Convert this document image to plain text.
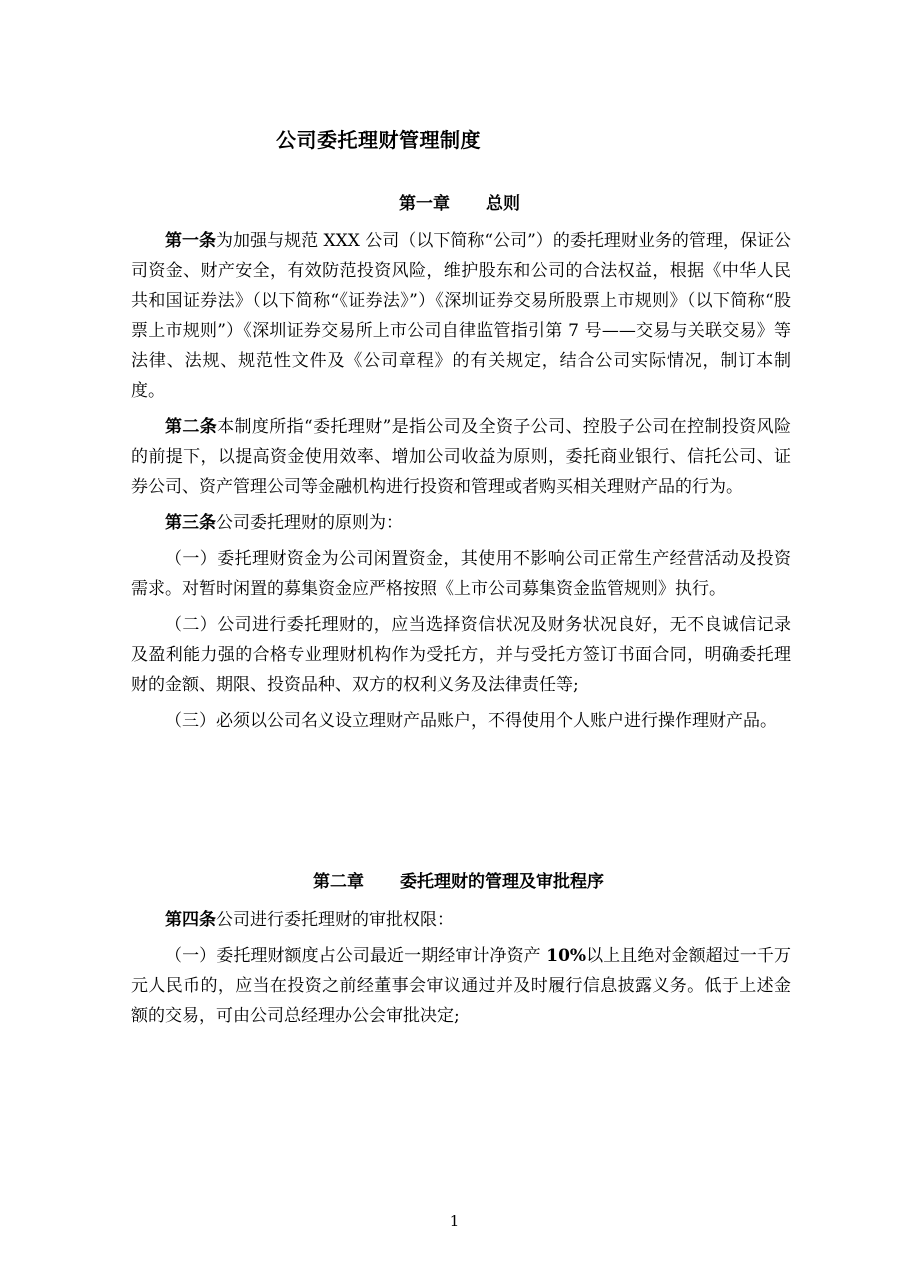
公司委托理财管理制度
第一章 总则

第一条为加强与规范 XXX 公司（以下简称“公司”）的委托理财业务的管理，保证公司资金、财产安全，有效防范投资风险，维护股东和公司的合法权益，根据《中华人民共和国证券法》（以下简称“《证券法》”）《深圳证券交易所股票上市规则》（以下简称“股票上市规则”）《深圳证券交易所上市公司自律监管指引第 7 号——交易与关联交易》等法律、法规、规范性文件及《公司章程》的有关规定，结合公司实际情况，制订本制度。

第二条本制度所指“委托理财”是指公司及全资子公司、控股子公司在控制投资风险的前提下，以提高资金使用效率、增加公司收益为原则，委托商业银行、信托公司、证券公司、资产管理公司等金融机构进行投资和管理或者购买相关理财产品的行为。

第三条公司委托理财的原则为：

（一）委托理财资金为公司闲置资金，其使用不影响公司正常生产经营活动及投资需求。对暂时闲置的募集资金应严格按照《上市公司募集资金监管规则》执行。

（二）公司进行委托理财的，应当选择资信状况及财务状况良好，无不良诚信记录及盈利能力强的合格专业理财机构作为受托方，并与受托方签订书面合同，明确委托理财的金额、期限、投资品种、双方的权利义务及法律责任等;

（三）必须以公司名义设立理财产品账户，不得使用个人账户进行操作理财产品。

第二章 委托理财的管理及审批程序

第四条公司进行委托理财的审批权限：

（一）委托理财额度占公司最近一期经审计净资产 10%以上且绝对金额超过一千万元人民币的，应当在投资之前经董事会审议通过并及时履行信息披露义务。低于上述金额的交易，可由公司总经理办公会审批决定;

1
